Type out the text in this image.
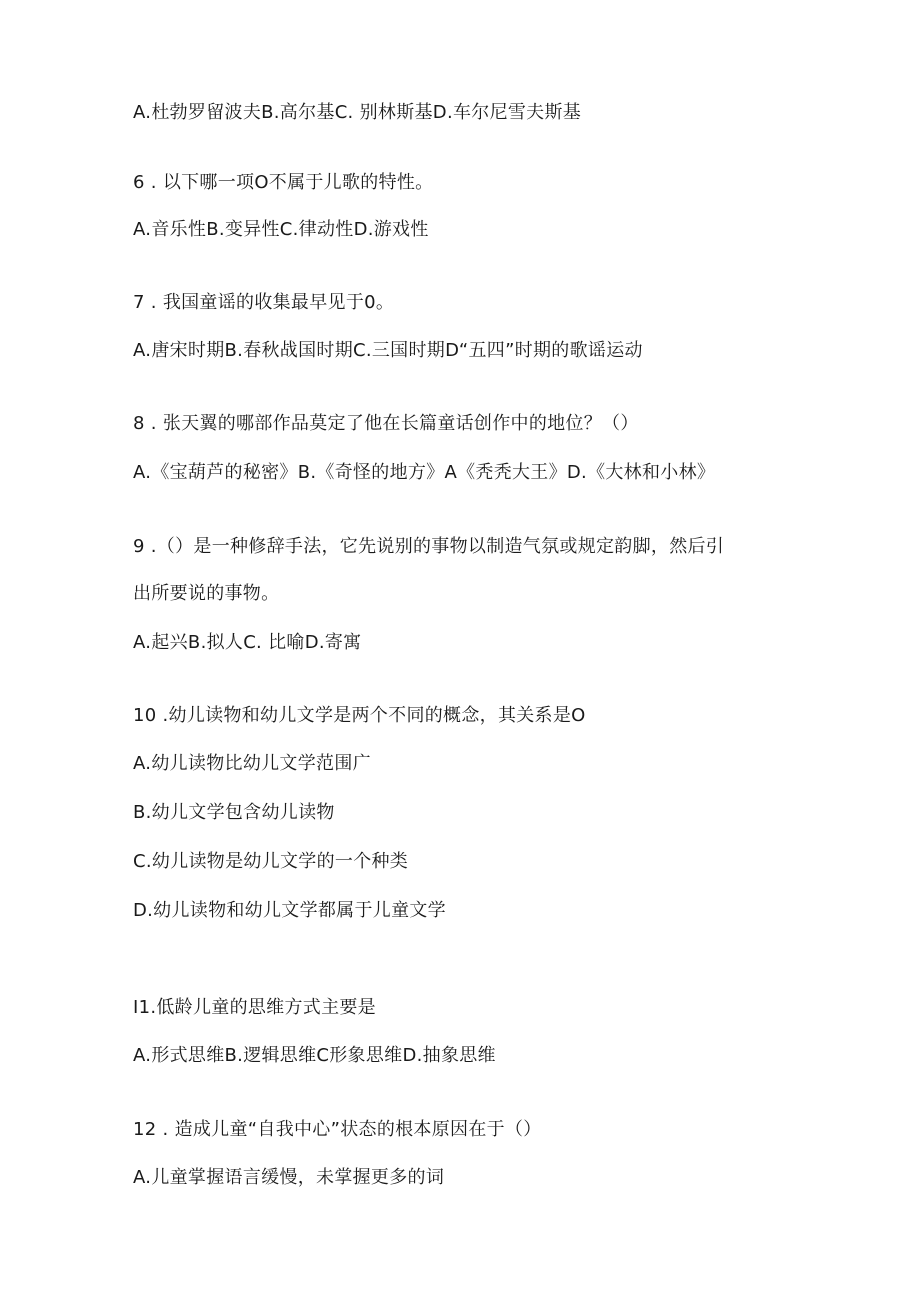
A.杜勃罗留波夫B.高尔基C. 别林斯基D.车尔尼雪夫斯基
6 . 以下哪一项O不属于儿歌的特性。
A.音乐性B.变异性C.律动性D.游戏性
7 . 我国童谣的收集最早见于0。
A.唐宋时期B.春秋战国时期C.三国时期D“五四”时期的歌谣运动
8 . 张天翼的哪部作品莫定了他在长篇童话创作中的地位？（）
A.《宝葫芦的秘密》B.《奇怪的地方》A《秃秃大王》D.《大林和小林》
9 .（）是一种修辞手法，它先说别的事物以制造气氛或规定韵脚，然后引
出所要说的事物。
A.起兴B.拟人C. 比喻D.寄寓
10 .幼儿读物和幼儿文学是两个不同的概念，其关系是O
A.幼儿读物比幼儿文学范围广
B.幼儿文学包含幼儿读物
C.幼儿读物是幼儿文学的一个种类
D.幼儿读物和幼儿文学都属于儿童文学
I1.低龄儿童的思维方式主要是
A.形式思维B.逻辑思维C形象思维D.抽象思维
12 . 造成儿童“自我中心”状态的根本原因在于（）
A.儿童掌握语言缓慢，未掌握更多的词
